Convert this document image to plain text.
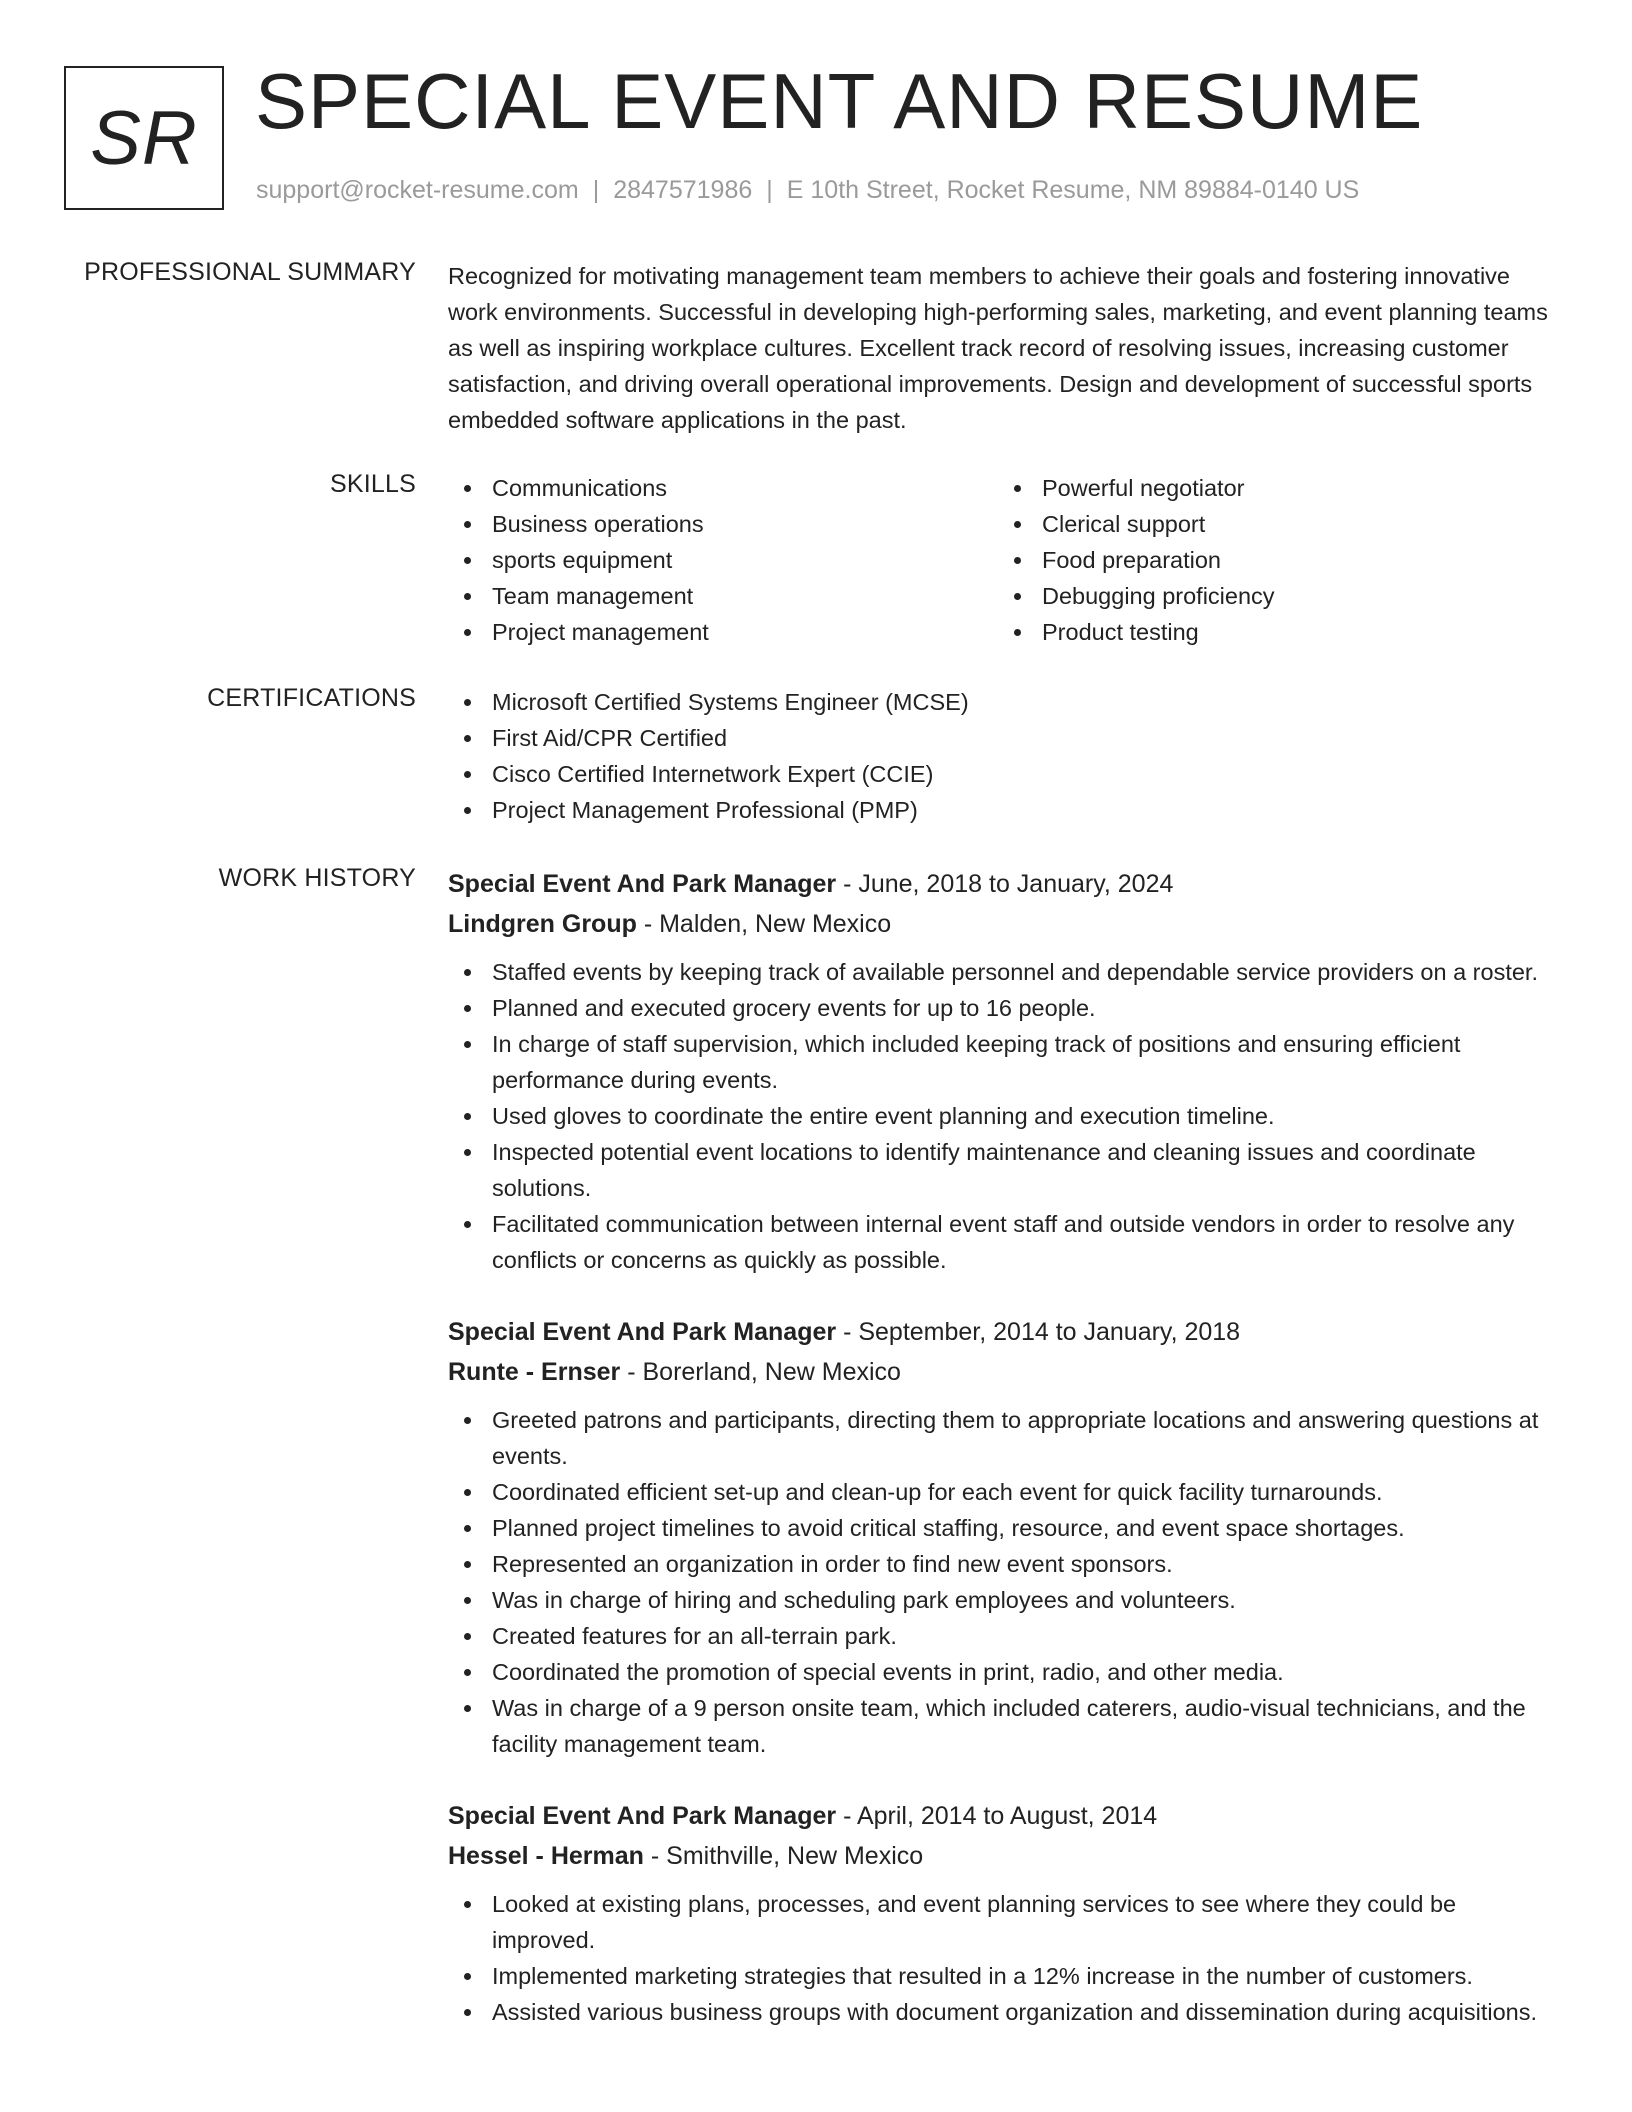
SR SPECIAL EVENT AND RESUME
support@rocket-resume.com | 2847571986 | E 10th Street, Rocket Resume, NM 89884-0140 US
PROFESSIONAL SUMMARY Recognized for motivating management team members to achieve their goals and fostering innovative work environments. Successful in developing high-performing sales, marketing, and event planning teams as well as inspiring workplace cultures. Excellent track record of resolving issues, increasing customer satisfaction, and driving overall operational improvements. Design and development of successful sports embedded software applications in the past.
SKILLS	Communications
Business operations
sports equipment
Team management
Project management
Powerful negotiator
Clerical support
Food preparation
Debugging proficiency
Product testing
CERTIFICATIONS	Microsoft Certified Systems Engineer (MCSE)
First Aid/CPR Certified
Cisco Certified Internetwork Expert (CCIE)
Project Management Professional (PMP)
WORK HISTORY Special Event And Park Manager - June, 2018 to January, 2024
Lindgren Group - Malden, New Mexico
Staffed events by keeping track of available personnel and dependable service providers on a roster.
Planned and executed grocery events for up to 16 people.
In charge of staff supervision, which included keeping track of positions and ensuring efficient performance during events.
Used gloves to coordinate the entire event planning and execution timeline.
Inspected potential event locations to identify maintenance and cleaning issues and coordinate solutions.
Facilitated communication between internal event staff and outside vendors in order to resolve any conflicts or concerns as quickly as possible.
Special Event And Park Manager - September, 2014 to January, 2018
Runte - Ernser - Borerland, New Mexico
Greeted patrons and participants, directing them to appropriate locations and answering questions at events.
Coordinated efficient set-up and clean-up for each event for quick facility turnarounds.
Planned project timelines to avoid critical staffing, resource, and event space shortages.
Represented an organization in order to find new event sponsors.
Was in charge of hiring and scheduling park employees and volunteers.
Created features for an all-terrain park.
Coordinated the promotion of special events in print, radio, and other media.
Was in charge of a 9 person onsite team, which included caterers, audio-visual technicians, and the facility management team.
Special Event And Park Manager - April, 2014 to August, 2014
Hessel - Herman - Smithville, New Mexico
Looked at existing plans, processes, and event planning services to see where they could be improved.
Implemented marketing strategies that resulted in a 12% increase in the number of customers.
Assisted various business groups with document organization and dissemination during acquisitions.
